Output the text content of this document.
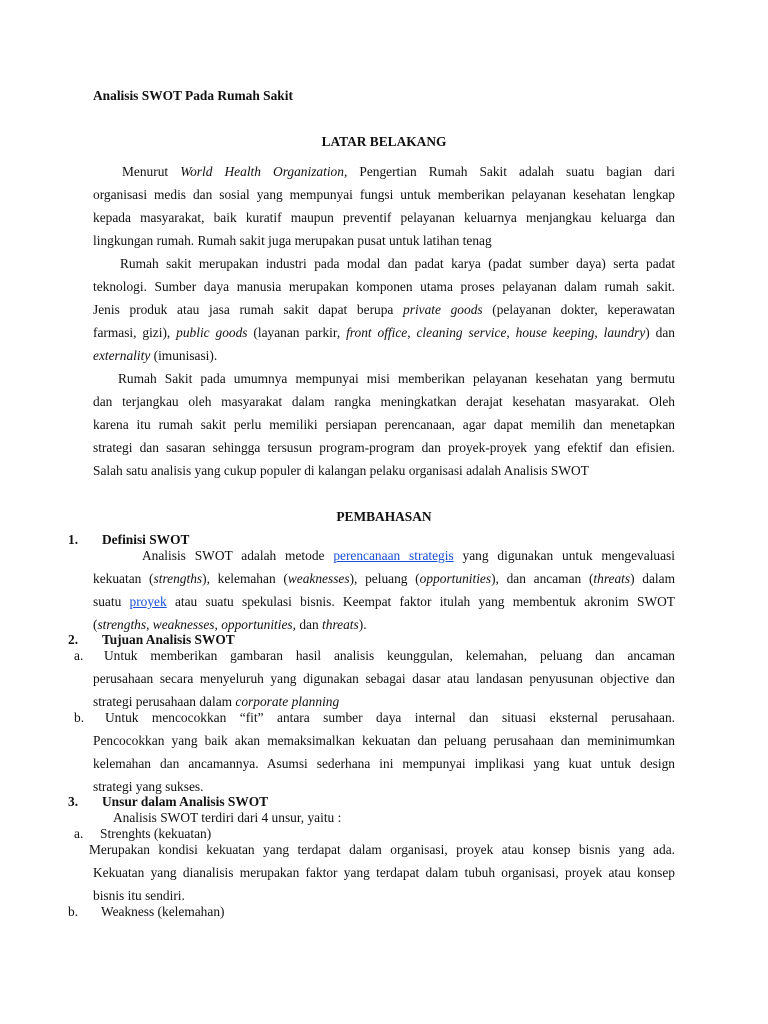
Analisis SWOT Pada Rumah Sakit
LATAR BELAKANG
Menurut World Health Organization, Pengertian Rumah Sakit adalah suatu bagian dari
organisasi medis dan sosial yang mempunyai fungsi untuk memberikan pelayanan kesehatan lengkap
kepada masyarakat, baik kuratif maupun preventif pelayanan keluarnya menjangkau keluarga dan
lingkungan rumah. Rumah sakit juga merupakan pusat untuk latihan tenag
Rumah sakit merupakan industri pada modal dan padat karya (padat sumber daya) serta padat
teknologi. Sumber daya manusia merupakan komponen utama proses pelayanan dalam rumah sakit.
Jenis produk atau jasa rumah sakit dapat berupa private goods (pelayanan dokter, keperawatan
farmasi, gizi), public goods (layanan parkir, front office, cleaning service, house keeping, laundry) dan
externality (imunisasi).
Rumah Sakit pada umumnya mempunyai misi memberikan pelayanan kesehatan yang bermutu
dan terjangkau oleh masyarakat dalam rangka meningkatkan derajat kesehatan masyarakat. Oleh
karena itu rumah sakit perlu memiliki persiapan perencanaan, agar dapat memilih dan menetapkan
strategi dan sasaran sehingga tersusun program-program dan proyek-proyek yang efektif dan efisien.
Salah satu analisis yang cukup populer di kalangan pelaku organisasi adalah Analisis SWOT
PEMBAHASAN
1. Definisi SWOT
Analisis SWOT adalah metode perencanaan strategis yang digunakan untuk mengevaluasi
kekuatan (strengths), kelemahan (weaknesses), peluang (opportunities), dan ancaman (threats) dalam
suatu proyek atau suatu spekulasi bisnis. Keempat faktor itulah yang membentuk akronim SWOT
(strengths, weaknesses, opportunities, dan threats).
2. Tujuan Analisis SWOT
a. Untuk memberikan gambaran hasil analisis keunggulan, kelemahan, peluang dan ancaman
perusahaan secara menyeluruh yang digunakan sebagai dasar atau landasan penyusunan objective dan
strategi perusahaan dalam corporate planning
b. Untuk mencocokkan “fit” antara sumber daya internal dan situasi eksternal perusahaan.
Pencocokkan yang baik akan memaksimalkan kekuatan dan peluang perusahaan dan meminimumkan
kelemahan dan ancamannya. Asumsi sederhana ini mempunyai implikasi yang kuat untuk design
strategi yang sukses.
3. Unsur dalam Analisis SWOT
Analisis SWOT terdiri dari 4 unsur, yaitu :
a. Strenghts (kekuatan)
Merupakan kondisi kekuatan yang terdapat dalam organisasi, proyek atau konsep bisnis yang ada.
Kekuatan yang dianalisis merupakan faktor yang terdapat dalam tubuh organisasi, proyek atau konsep
bisnis itu sendiri.
b. Weakness (kelemahan)
